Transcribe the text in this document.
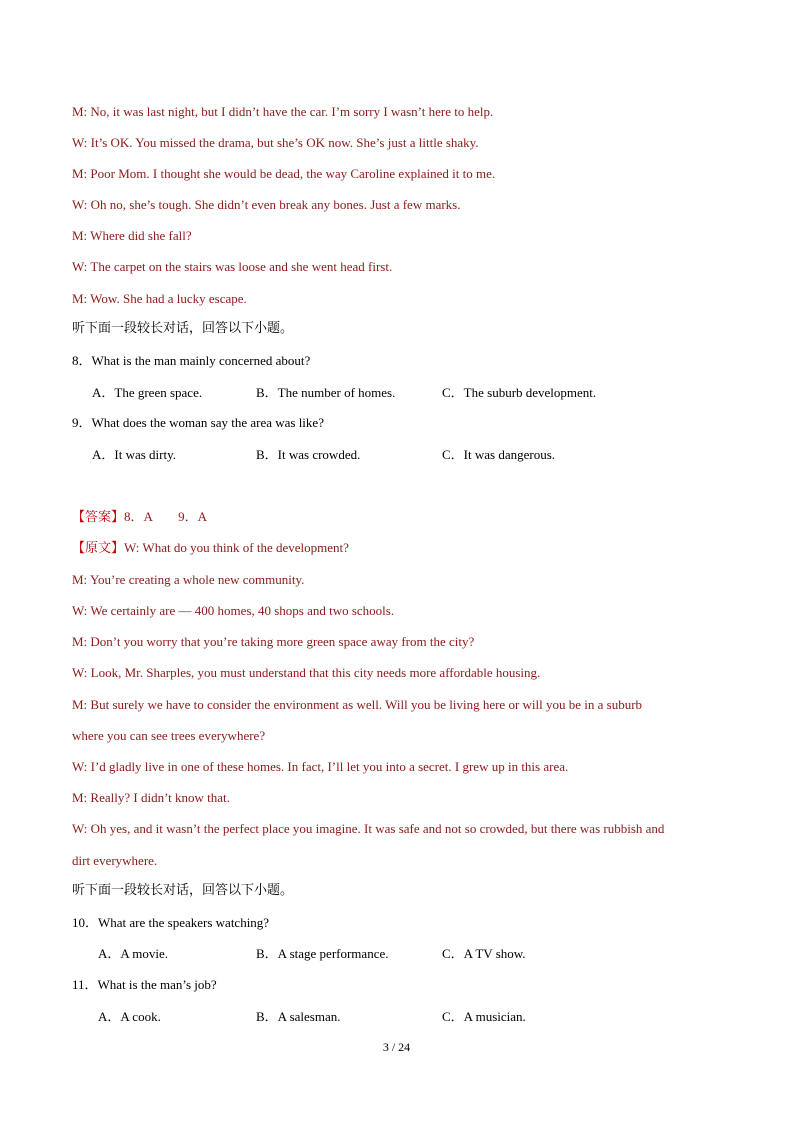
M: No, it was last night, but I didn’t have the car. I’m sorry I wasn’t here to help.
W: It’s OK. You missed the drama, but she’s OK now. She’s just a little shaky.
M: Poor Mom. I thought she would be dead, the way Caroline explained it to me.
W: Oh no, she’s tough. She didn’t even break any bones. Just a few marks.
M: Where did she fall?
W: The carpet on the stairs was loose and she went head first.
M: Wow. She had a lucky escape.
听下面一段较长对话，回答以下小题。
8．What is the man mainly concerned about?
A．The green space.	B．The number of homes.	C．The suburb development.
9．What does the woman say the area was like?
A．It was dirty.	B．It was crowded.	C．It was dangerous.
【答案】8．A　　9．A
【原文】W: What do you think of the development?
M: You’re creating a whole new community.
W: We certainly are — 400 homes, 40 shops and two schools.
M: Don’t you worry that you’re taking more green space away from the city?
W: Look, Mr. Sharples, you must understand that this city needs more affordable housing.
M: But surely we have to consider the environment as well. Will you be living here or will you be in a suburb
where you can see trees everywhere?
W: I’d gladly live in one of these homes. In fact, I’ll let you into a secret. I grew up in this area.
M: Really? I didn’t know that.
W: Oh yes, and it wasn’t the perfect place you imagine. It was safe and not so crowded, but there was rubbish and
dirt everywhere.
听下面一段较长对话，回答以下小题。
10．What are the speakers watching?
A．A movie.	B．A stage performance.	C．A TV show.
11．What is the man’s job?
A．A cook.	B．A salesman.	C．A musician.
3 / 24
